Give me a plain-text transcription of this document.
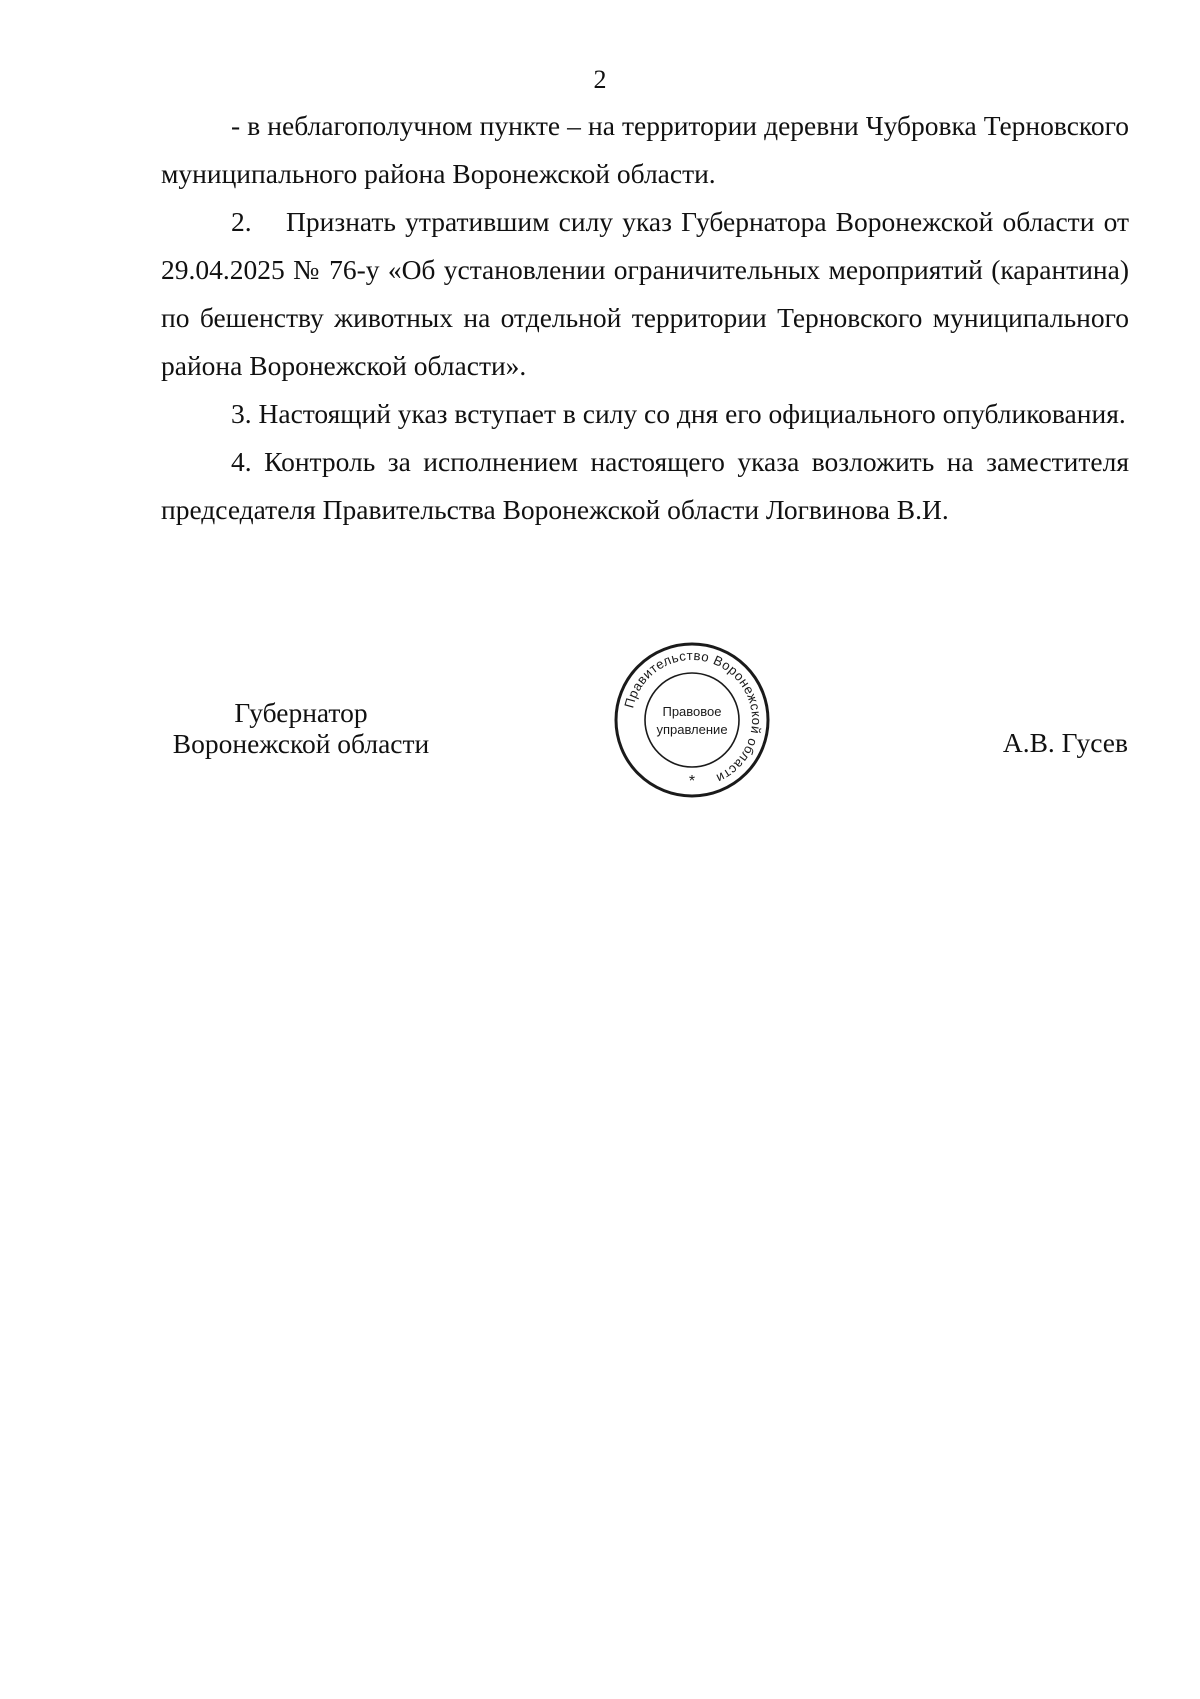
2

- в неблагополучном пункте – на территории деревни Чубровка Терновского муниципального района Воронежской области.

2. Признать утратившим силу указ Губернатора Воронежской области от 29.04.2025 № 76-у «Об установлении ограничительных мероприятий (карантина) по бешенству животных на отдельной территории Терновского муниципального района Воронежской области».

3. Настоящий указ вступает в силу со дня его официального опубликования.

4. Контроль за исполнением настоящего указа возложить на заместителя председателя Правительства Воронежской области Логвинова В.И.

Губернатор
Воронежской области	А.В. Гусев
Правительство Воронежской области
Правовое
управление
*
